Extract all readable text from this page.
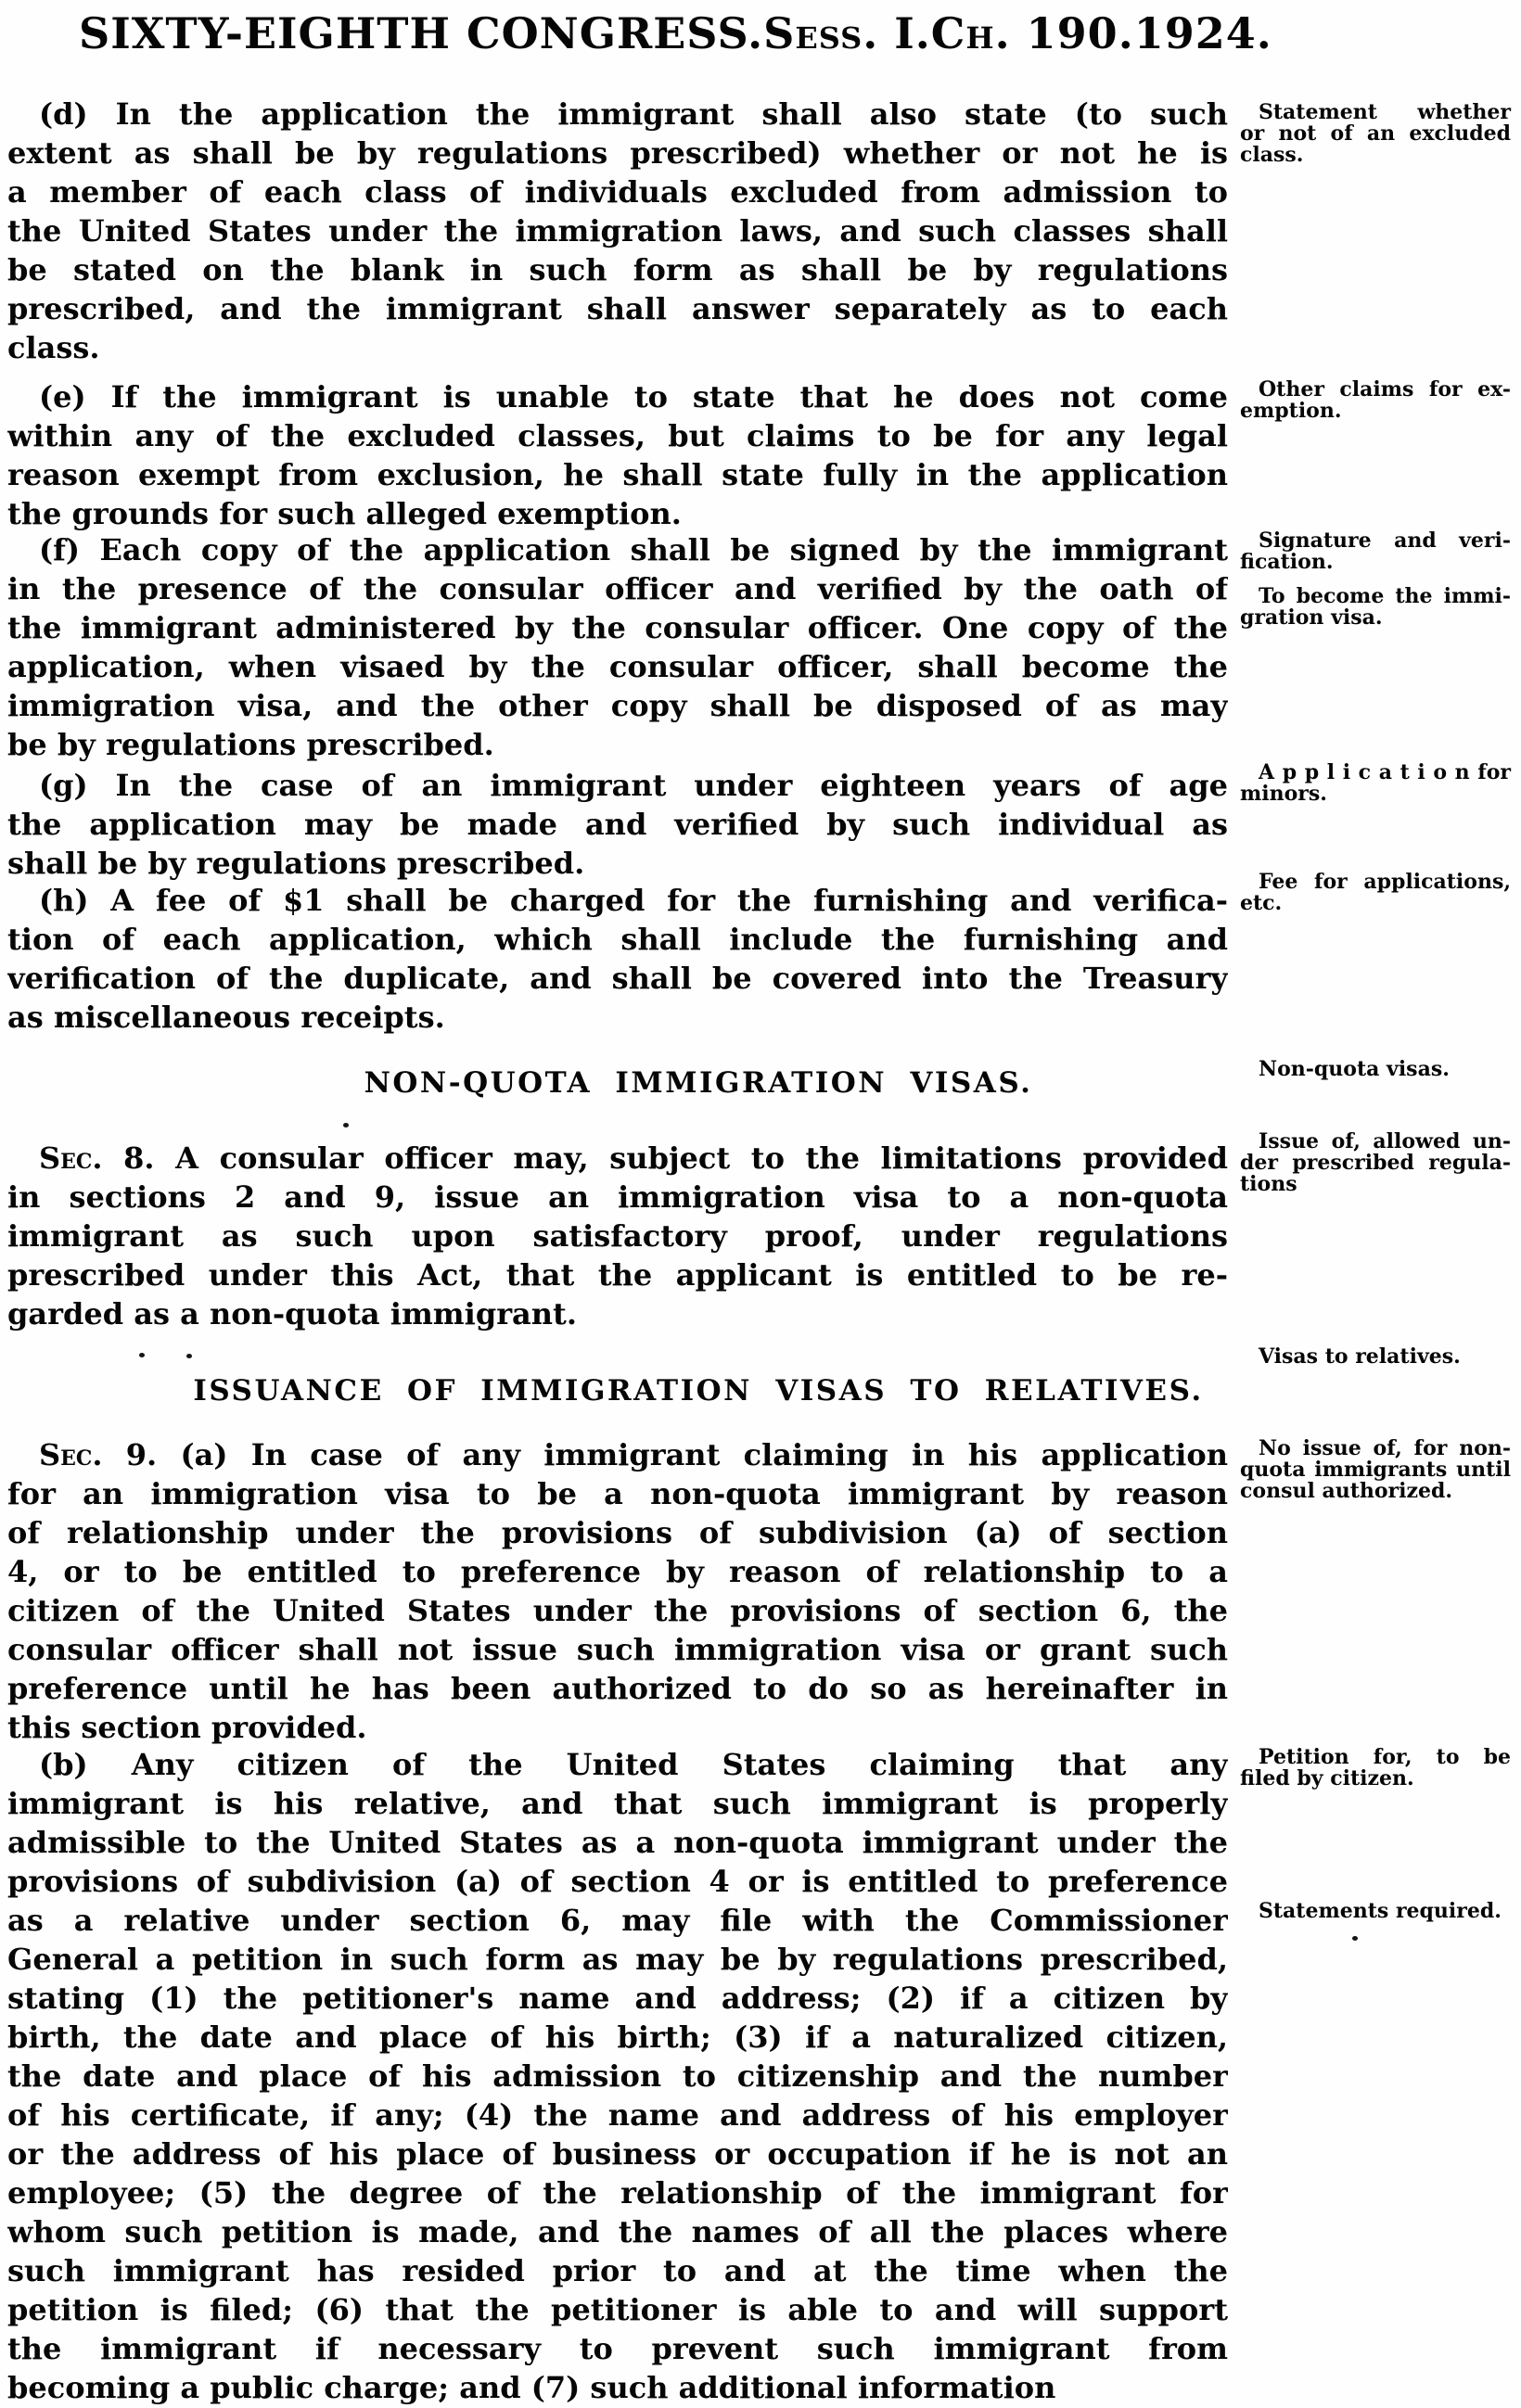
SIXTY-EIGHTH CONGRESS. Sess. I. Ch. 190. 1924.
(d) In the application the immigrant shall also state (to such
extent as shall be by regulations prescribed) whether or not he is
a member of each class of individuals excluded from admission to
the United States under the immigration laws, and such classes shall
be stated on the blank in such form as shall be by regulations
prescribed, and the immigrant shall answer separately as to each
class.
(e) If the immigrant is unable to state that he does not come
within any of the excluded classes, but claims to be for any legal
reason exempt from exclusion, he shall state fully in the application
the grounds for such alleged exemption.
(f) Each copy of the application shall be signed by the immigrant
in the presence of the consular officer and verified by the oath of
the immigrant administered by the consular officer. One copy of the
application, when visaed by the consular officer, shall become the
immigration visa, and the other copy shall be disposed of as may
be by regulations prescribed.
(g) In the case of an immigrant under eighteen years of age
the application may be made and verified by such individual as
shall be by regulations prescribed.
(h) A fee of $1 shall be charged for the furnishing and verifica-
tion of each application, which shall include the furnishing and
verification of the duplicate, and shall be covered into the Treasury
as miscellaneous receipts.
NON-QUOTA IMMIGRATION VISAS.
Sec. 8. A consular officer may, subject to the limitations provided
in sections 2 and 9, issue an immigration visa to a non-quota
immigrant as such upon satisfactory proof, under regulations
prescribed under this Act, that the applicant is entitled to be re-
garded as a non-quota immigrant.
ISSUANCE OF IMMIGRATION VISAS TO RELATIVES.
Sec. 9. (a) In case of any immigrant claiming in his application
for an immigration visa to be a non-quota immigrant by reason
of relationship under the provisions of subdivision (a) of section
4, or to be entitled to preference by reason of relationship to a
citizen of the United States under the provisions of section 6, the
consular officer shall not issue such immigration visa or grant such
preference until he has been authorized to do so as hereinafter in
this section provided.
(b) Any citizen of the United States claiming that any
immigrant is his relative, and that such immigrant is properly
admissible to the United States as a non-quota immigrant under the
provisions of subdivision (a) of section 4 or is entitled to preference
as a relative under section 6, may file with the Commissioner
General a petition in such form as may be by regulations prescribed,
stating (1) the petitioner's name and address; (2) if a citizen by
birth, the date and place of his birth; (3) if a naturalized citizen,
the date and place of his admission to citizenship and the number
of his certificate, if any; (4) the name and address of his employer
or the address of his place of business or occupation if he is not an
employee; (5) the degree of the relationship of the immigrant for
whom such petition is made, and the names of all the places where
such immigrant has resided prior to and at the time when the
petition is filed; (6) that the petitioner is able to and will support
the immigrant if necessary to prevent such immigrant from
becoming a public charge; and (7) such additional information
Statement whether
or not of an excluded
class.
Other claims for ex-
emption.
Signature and veri-
fication.
To become the immi-
gration visa.
A p p l i c a t i o n for
minors.
Fee for applications,
etc.
Non-quota visas.
Issue of, allowed un-
der prescribed regula-
tions
Visas to relatives.
No issue of, for non-
quota immigrants until
consul authorized.
Petition for, to be
filed by citizen.
Statements required.
